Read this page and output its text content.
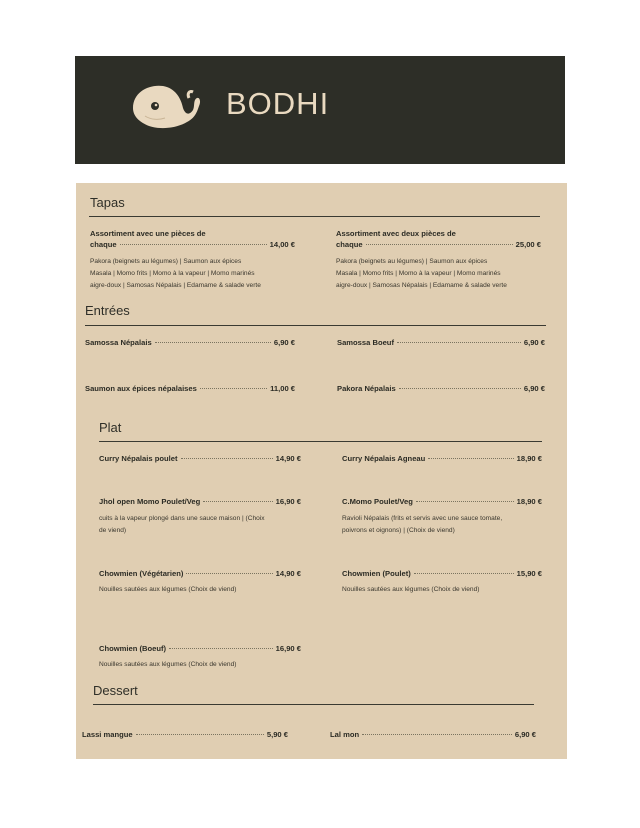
BODHI
Tapas
Assortiment avec une pièces de
chaque	14,00 €
Pakora (beignets au légumes) | Saumon aux épices
Masala | Momo frits | Momo à la vapeur | Momo marinés
aigre-doux | Samosas Népalais | Edamame & salade verte
Assortiment avec deux pièces de
chaque	25,00 €
Pakora (beignets au légumes) | Saumon aux épices
Masala | Momo frits | Momo à la vapeur | Momo marinés
aigre-doux | Samosas Népalais | Edamame & salade verte
Entrées
Samossa Népalais	6,90 €	Samossa Boeuf	6,90 €
Saumon aux épices népalaises	11,00 €	Pakora Népalais	6,90 €
Plat
Curry Népalais poulet	14,90 €	Curry Népalais Agneau	18,90 €
Jhol open Momo Poulet/Veg	16,90 €
cuits à la vapeur plongé dans une sauce maison | (Choix
de viend)
C.Momo Poulet/Veg	18,90 €
Ravioli Népalais (frits et servis avec une sauce tomate,
poivrons et oignons) | (Choix de viend)
Chowmien (Végétarien)	14,90 €
Nouilles sautées aux légumes (Choix de viend)
Chowmien (Poulet)	15,90 €
Nouilles sautées aux légumes (Choix de viend)
Chowmien (Boeuf)	16,90 €
Nouilles sautées aux légumes (Choix de viend)
Dessert
Lassi mangue	5,90 €	Lal mon	6,90 €
